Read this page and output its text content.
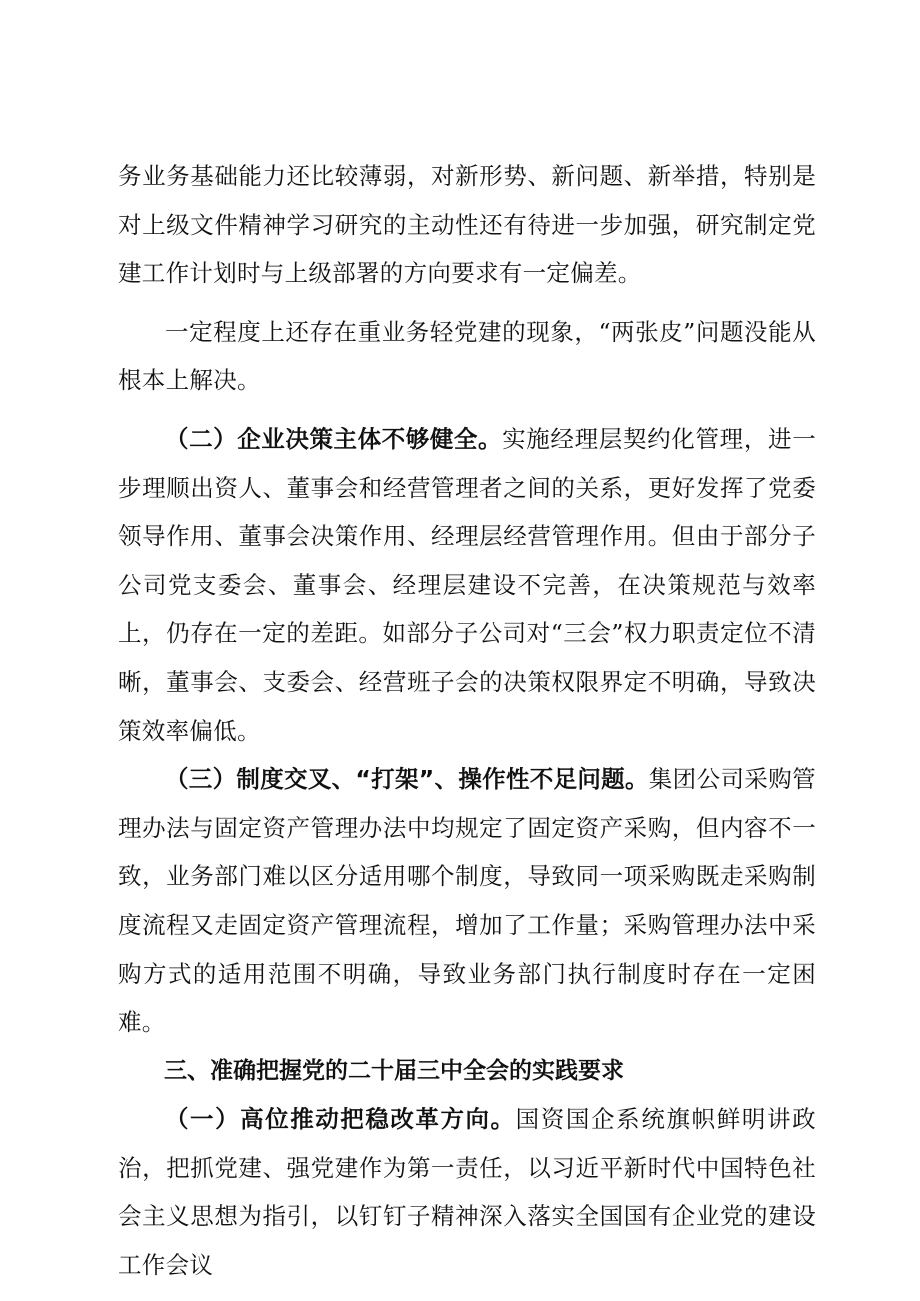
务业务基础能力还比较薄弱，对新形势、新问题、新举措，特别是对上级文件精神学习研究的主动性还有待进一步加强，研究制定党建工作计划时与上级部署的方向要求有一定偏差。

一定程度上还存在重业务轻党建的现象，“两张皮”问题没能从根本上解决。

（二）企业决策主体不够健全。实施经理层契约化管理，进一步理顺出资人、董事会和经营管理者之间的关系，更好发挥了党委领导作用、董事会决策作用、经理层经营管理作用。但由于部分子公司党支委会、董事会、经理层建设不完善，在决策规范与效率上，仍存在一定的差距。如部分子公司对“三会”权力职责定位不清晰，董事会、支委会、经营班子会的决策权限界定不明确，导致决策效率偏低。

（三）制度交叉、“打架”、操作性不足问题。集团公司采购管理办法与固定资产管理办法中均规定了固定资产采购，但内容不一致，业务部门难以区分适用哪个制度，导致同一项采购既走采购制度流程又走固定资产管理流程，增加了工作量；采购管理办法中采购方式的适用范围不明确，导致业务部门执行制度时存在一定困难。

三、准确把握党的二十届三中全会的实践要求

（一）高位推动把稳改革方向。国资国企系统旗帜鲜明讲政治，把抓党建、强党建作为第一责任，以习近平新时代中国特色社会主义思想为指引，以钉钉子精神深入落实全国国有企业党的建设工作会议
